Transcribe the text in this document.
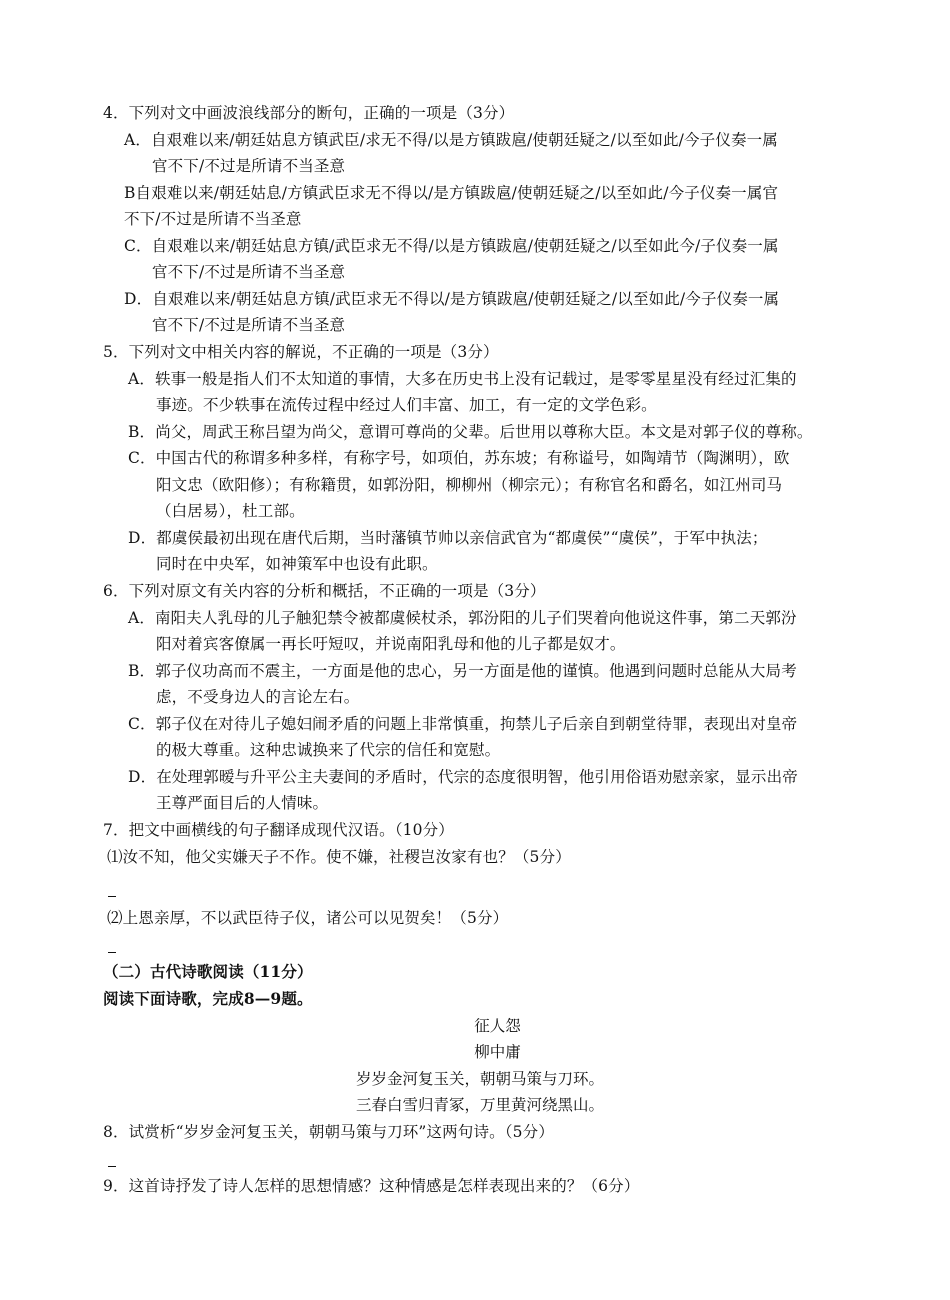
4．下列对文中画波浪线部分的断句，正确的一项是（3分）
A．自艰难以来/朝廷姑息方镇武臣/求无不得/以是方镇跋扈/使朝廷疑之/以至如此/今子仪奏一属
官不下/不过是所请不当圣意
B自艰难以来/朝廷姑息/方镇武臣求无不得以/是方镇跋扈/使朝廷疑之/以至如此/今子仪奏一属官
不下/不过是所请不当圣意
C．自艰难以来/朝廷姑息方镇/武臣求无不得/以是方镇跋扈/使朝廷疑之/以至如此今/子仪奏一属
官不下/不过是所请不当圣意
D．自艰难以来/朝廷姑息方镇/武臣求无不得以/是方镇跋扈/使朝廷疑之/以至如此/今子仪奏一属
官不下/不过是所请不当圣意
5．下列对文中相关内容的解说，不正确的一项是（3分）
A．轶事一般是指人们不太知道的事情，大多在历史书上没有记载过，是零零星星没有经过汇集的
事迹。不少轶事在流传过程中经过人们丰富、加工，有一定的文学色彩。
B．尚父，周武王称吕望为尚父，意谓可尊尚的父辈。后世用以尊称大臣。本文是对郭子仪的尊称。
C．中国古代的称谓多种多样，有称字号，如项伯，苏东坡；有称谥号，如陶靖节（陶渊明），欧
阳文忠（欧阳修）；有称籍贯，如郭汾阳，柳柳州（柳宗元）；有称官名和爵名，如江州司马
（白居易），杜工部。
D．都虞侯最初出现在唐代后期，当时藩镇节帅以亲信武官为“都虞侯”“虞侯”，于军中执法；
同时在中央军，如神策军中也设有此职。
6．下列对原文有关内容的分析和概括，不正确的一项是（3分）
A．南阳夫人乳母的儿子触犯禁令被都虞候杖杀，郭汾阳的儿子们哭着向他说这件事，第二天郭汾
阳对着宾客僚属一再长吁短叹，并说南阳乳母和他的儿子都是奴才。
B．郭子仪功高而不震主，一方面是他的忠心，另一方面是他的谨慎。他遇到问题时总能从大局考
虑，不受身边人的言论左右。
C．郭子仪在对待儿子媳妇闹矛盾的问题上非常慎重，拘禁儿子后亲自到朝堂待罪，表现出对皇帝
的极大尊重。这种忠诚换来了代宗的信任和宽慰。
D．在处理郭暧与升平公主夫妻间的矛盾时，代宗的态度很明智，他引用俗语劝慰亲家，显示出帝
王尊严面目后的人情味。
7．把文中画横线的句子翻译成现代汉语。（10分）
⑴汝不知，他父实嫌天子不作。使不嫌，社稷岂汝家有也？（5分）
⑵上恩亲厚，不以武臣待子仪，诸公可以见贺矣！（5分）
（二）古代诗歌阅读（11分）
阅读下面诗歌，完成8—9题。
征人怨
柳中庸
岁岁金河复玉关，朝朝马策与刀环。
三春白雪归青冢，万里黄河绕黑山。
8．试赏析“岁岁金河复玉关，朝朝马策与刀环”这两句诗。（5分）
9．这首诗抒发了诗人怎样的思想情感？这种情感是怎样表现出来的？（6分）
